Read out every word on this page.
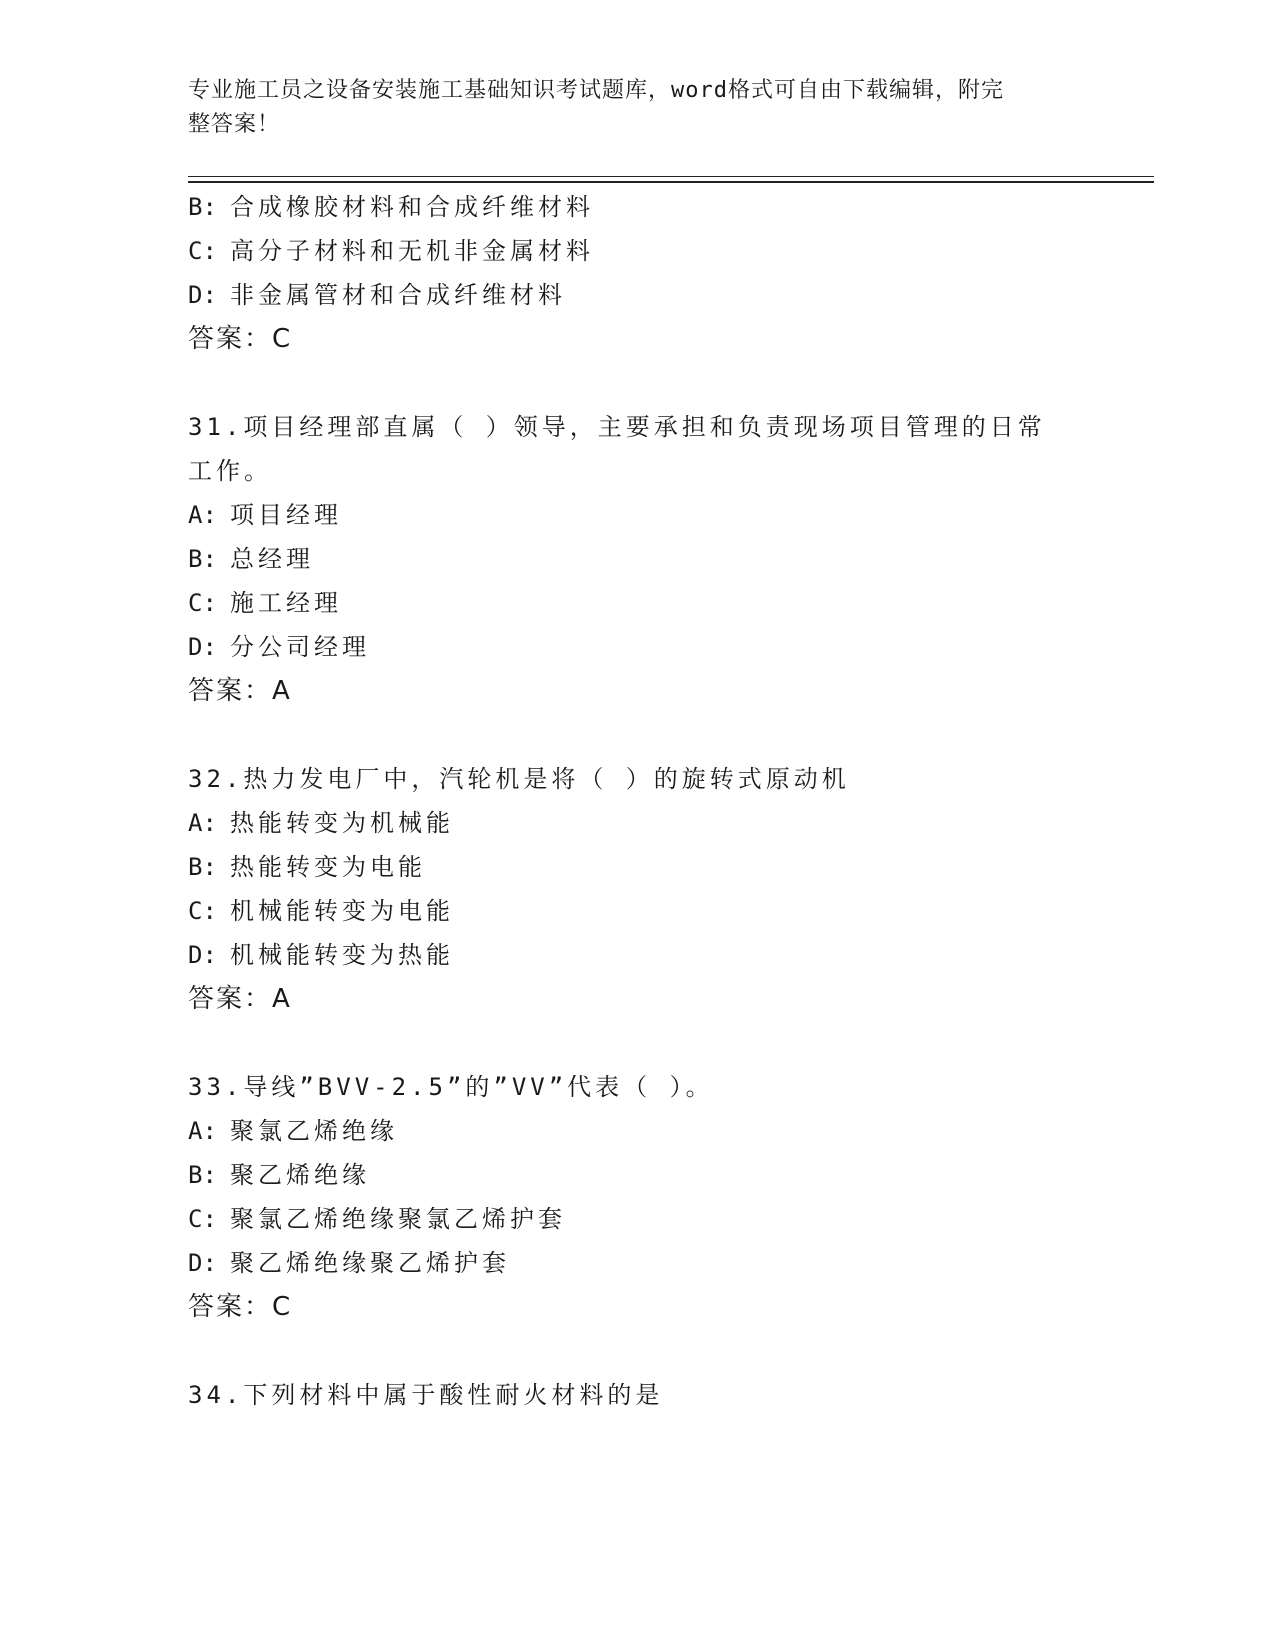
专业施工员之设备安装施工基础知识考试题库，word格式可自由下载编辑，附完
整答案！
B: 合成橡胶材料和合成纤维材料
C: 高分子材料和无机非金属材料
D: 非金属管材和合成纤维材料
答案：C
31.项目经理部直属（ ）领导，主要承担和负责现场项目管理的日常
工作。
A: 项目经理
B: 总经理
C: 施工经理
D: 分公司经理
答案：A
32.热力发电厂中，汽轮机是将（ ）的旋转式原动机
A: 热能转变为机械能
B: 热能转变为电能
C: 机械能转变为电能
D: 机械能转变为热能
答案：A
33.导线”BVV-2.5”的”VV”代表（ ）。
A: 聚氯乙烯绝缘
B: 聚乙烯绝缘
C: 聚氯乙烯绝缘聚氯乙烯护套
D: 聚乙烯绝缘聚乙烯护套
答案：C
34.下列材料中属于酸性耐火材料的是
